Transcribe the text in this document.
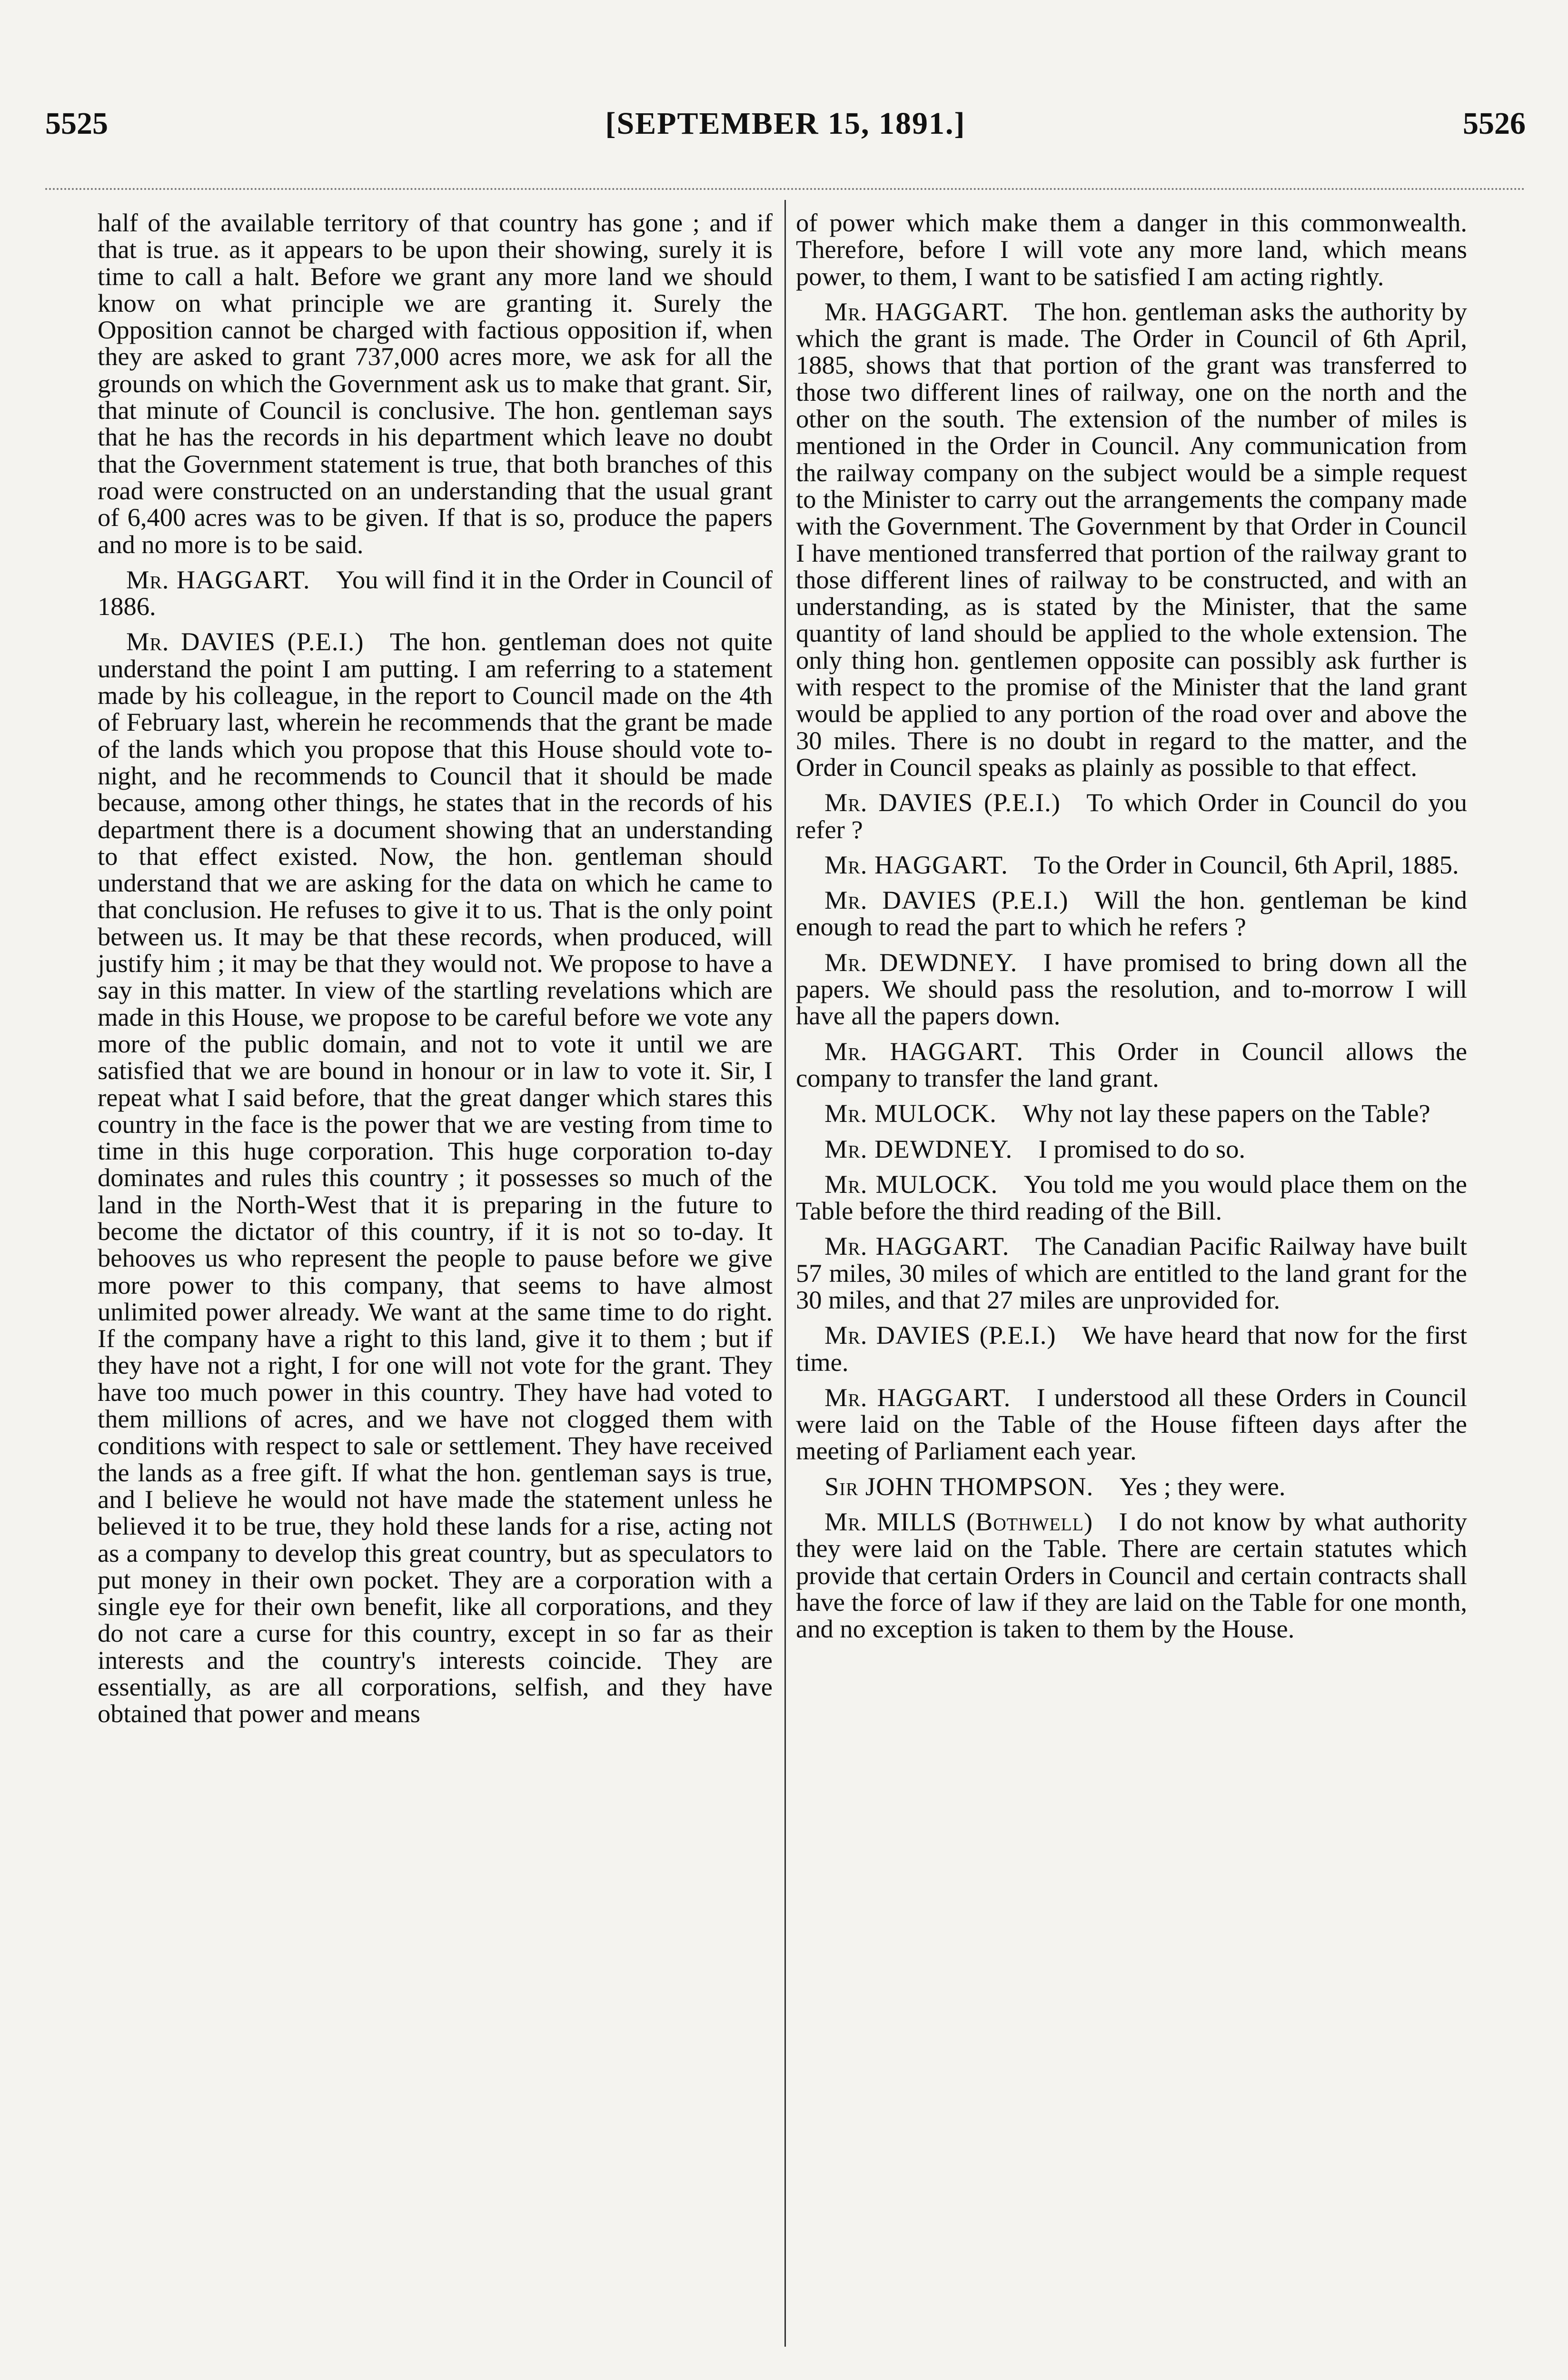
5525	[SEPTEMBER 15, 1891.]	5526

half of the available territory of that country has gone ; and if that is true. as it appears to be upon their showing, surely it is time to call a halt. Before we grant any more land we should know on what principle we are granting it. Surely the Opposition cannot be charged with factious opposition if, when they are asked to grant 737,000 acres more, we ask for all the grounds on which the Government ask us to make that grant. Sir, that minute of Council is conclusive. The hon. gentleman says that he has the records in his department which leave no doubt that the Government statement is true, that both branches of this road were constructed on an understanding that the usual grant of 6,400 acres was to be given. If that is so, produce the papers and no more is to be said.

Mr. HAGGART.  You will find it in the Order in Council of 1886.

Mr. DAVIES (P.E.I.)  The hon. gentleman does not quite understand the point I am putting. I am referring to a statement made by his colleague, in the report to Council made on the 4th of February last, wherein he recommends that the grant be made of the lands which you propose that this House should vote to-night, and he recommends to Council that it should be made because, among other things, he states that in the records of his department there is a document showing that an understanding to that effect existed. Now, the hon. gentleman should understand that we are asking for the data on which he came to that conclusion. He refuses to give it to us. That is the only point between us. It may be that these records, when produced, will justify him ; it may be that they would not. We propose to have a say in this matter. In view of the startling revelations which are made in this House, we propose to be careful before we vote any more of the public domain, and not to vote it until we are satisfied that we are bound in honour or in law to vote it. Sir, I repeat what I said before, that the great danger which stares this country in the face is the power that we are vesting from time to time in this huge corporation. This huge corporation to-day dominates and rules this country ; it possesses so much of the land in the North-West that it is preparing in the future to become the dictator of this country, if it is not so to-day. It behooves us who represent the people to pause before we give more power to this company, that seems to have almost unlimited power already. We want at the same time to do right. If the company have a right to this land, give it to them ; but if they have not a right, I for one will not vote for the grant. They have too much power in this country. They have had voted to them millions of acres, and we have not clogged them with conditions with respect to sale or settlement. They have received the lands as a free gift. If what the hon. gentleman says is true, and I believe he would not have made the statement unless he believed it to be true, they hold these lands for a rise, acting not as a company to develop this great country, but as speculators to put money in their own pocket. They are a corporation with a single eye for their own benefit, like all corporations, and they do not care a curse for this country, except in so far as their interests and the country's interests coincide. They are essentially, as are all corporations, selfish, and they have obtained that power and means

of power which make them a danger in this commonwealth. Therefore, before I will vote any more land, which means power, to them, I want to be satisfied I am acting rightly.

Mr. HAGGART.  The hon. gentleman asks the authority by which the grant is made. The Order in Council of 6th April, 1885, shows that that portion of the grant was transferred to those two different lines of railway, one on the north and the other on the south. The extension of the number of miles is mentioned in the Order in Council. Any communication from the railway company on the subject would be a simple request to the Minister to carry out the arrangements the company made with the Government. The Government by that Order in Council I have mentioned transferred that portion of the railway grant to those different lines of railway to be constructed, and with an understanding, as is stated by the Minister, that the same quantity of land should be applied to the whole extension. The only thing hon. gentlemen opposite can possibly ask further is with respect to the promise of the Minister that the land grant would be applied to any portion of the road over and above the 30 miles. There is no doubt in regard to the matter, and the Order in Council speaks as plainly as possible to that effect.

Mr. DAVIES (P.E.I.)  To which Order in Council do you refer ?

Mr. HAGGART.  To the Order in Council, 6th April, 1885.

Mr. DAVIES (P.E.I.)  Will the hon. gentleman be kind enough to read the part to which he refers ?

Mr. DEWDNEY.  I have promised to bring down all the papers. We should pass the resolution, and to-morrow I will have all the papers down.

Mr. HAGGART.  This Order in Council allows the company to transfer the land grant.

Mr. MULOCK.  Why not lay these papers on the Table?

Mr. DEWDNEY.  I promised to do so.

Mr. MULOCK.  You told me you would place them on the Table before the third reading of the Bill.

Mr. HAGGART.  The Canadian Pacific Railway have built 57 miles, 30 miles of which are entitled to the land grant for the 30 miles, and that 27 miles are unprovided for.

Mr. DAVIES (P.E.I.)  We have heard that now for the first time.

Mr. HAGGART.  I understood all these Orders in Council were laid on the Table of the House fifteen days after the meeting of Parliament each year.

Sir JOHN THOMPSON.  Yes ; they were.

Mr. MILLS (Bothwell)  I do not know by what authority they were laid on the Table. There are certain statutes which provide that certain Orders in Council and certain contracts shall have the force of law if they are laid on the Table for one month, and no exception is taken to them by the House.
